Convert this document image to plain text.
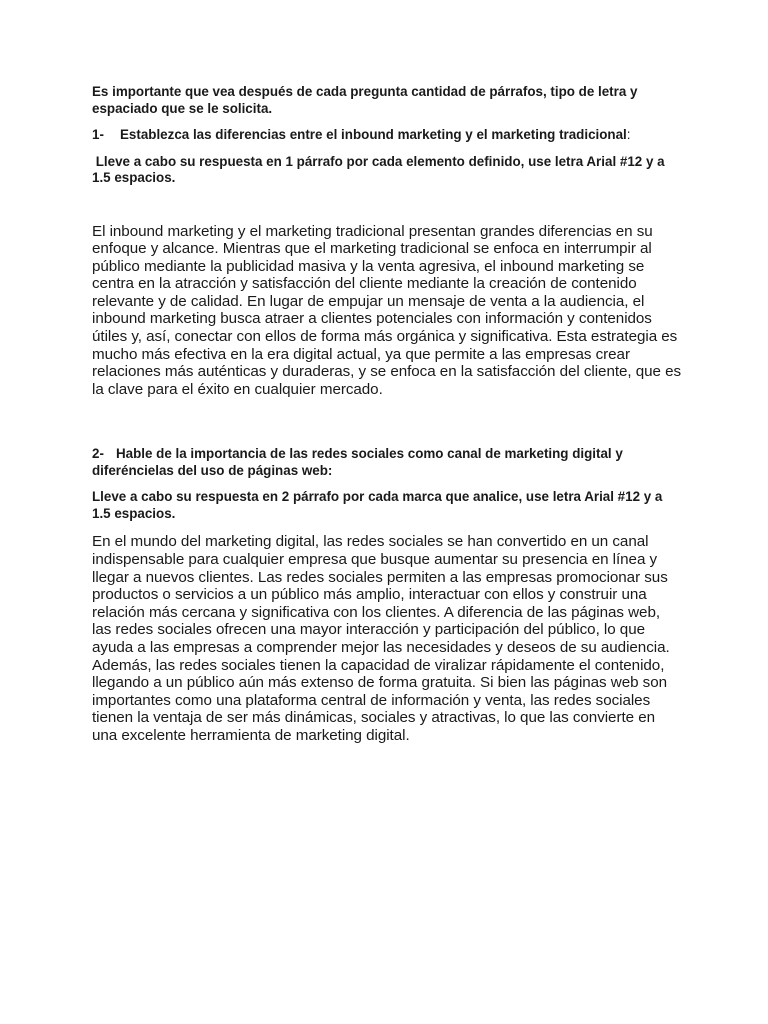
Es importante que vea después de cada pregunta cantidad de párrafos, tipo de letra y espaciado que se le solicita.

1- Establezca las diferencias entre el inbound marketing y el marketing tradicional:

Lleve a cabo su respuesta en 1 párrafo por cada elemento definido, use letra Arial #12 y a 1.5 espacios.

El inbound marketing y el marketing tradicional presentan grandes diferencias en su enfoque y alcance. Mientras que el marketing tradicional se enfoca en interrumpir al público mediante la publicidad masiva y la venta agresiva, el inbound marketing se centra en la atracción y satisfacción del cliente mediante la creación de contenido relevante y de calidad. En lugar de empujar un mensaje de venta a la audiencia, el inbound marketing busca atraer a clientes potenciales con información y contenidos útiles y, así, conectar con ellos de forma más orgánica y significativa. Esta estrategia es mucho más efectiva en la era digital actual, ya que permite a las empresas crear relaciones más auténticas y duraderas, y se enfoca en la satisfacción del cliente, que es la clave para el éxito en cualquier mercado.

2- Hable de la importancia de las redes sociales como canal de marketing digital y diferéncielas del uso de páginas web:

Lleve a cabo su respuesta en 2 párrafo por cada marca que analice, use letra Arial #12 y a 1.5 espacios.

En el mundo del marketing digital, las redes sociales se han convertido en un canal indispensable para cualquier empresa que busque aumentar su presencia en línea y llegar a nuevos clientes. Las redes sociales permiten a las empresas promocionar sus productos o servicios a un público más amplio, interactuar con ellos y construir una relación más cercana y significativa con los clientes. A diferencia de las páginas web, las redes sociales ofrecen una mayor interacción y participación del público, lo que ayuda a las empresas a comprender mejor las necesidades y deseos de su audiencia. Además, las redes sociales tienen la capacidad de viralizar rápidamente el contenido, llegando a un público aún más extenso de forma gratuita. Si bien las páginas web son importantes como una plataforma central de información y venta, las redes sociales tienen la ventaja de ser más dinámicas, sociales y atractivas, lo que las convierte en una excelente herramienta de marketing digital.
